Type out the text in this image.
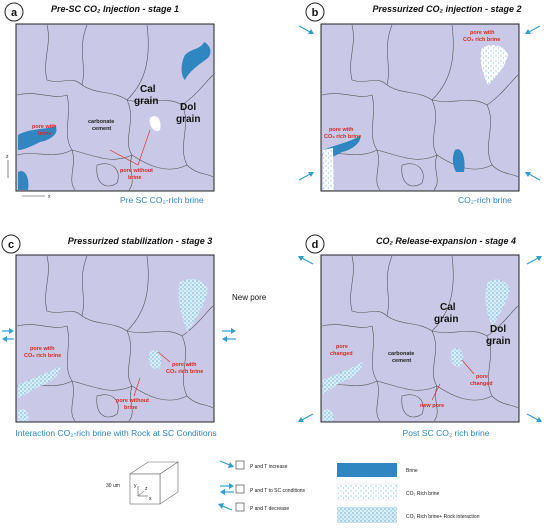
a	Pre-SC CO₂ Injection - stage 1
Cal
grain
Dol
grain
carbonate
cement
pore with
brine
pore without
brine
z
x	Pre SC CO₂-rich brine
b	Pressurized CO₂ injection - stage 2
pore with
CO₂ rich brine
pore with
CO₂ rich brine
CO₂-rich brine
c	Pressurized stabilization - stage 3
pore with
CO₂ rich brine
pore with
CO₂ rich brine
pore without
brine
Interaction CO₂-rich brine with Rock at SC Conditions
New pore
d	CO₂ Release-expansion - stage 4
Cal
grain
Dol
grain
carbonate
cement
pore
changed
pore
changed
new pore
Post SC CO₂ rich brine
30 um	y z
x
P and T increase
P and T to SC conditions
P and T decrease
Brine
CO₂ Rich brine
CO₂ Rich brine+ Rock interaction
